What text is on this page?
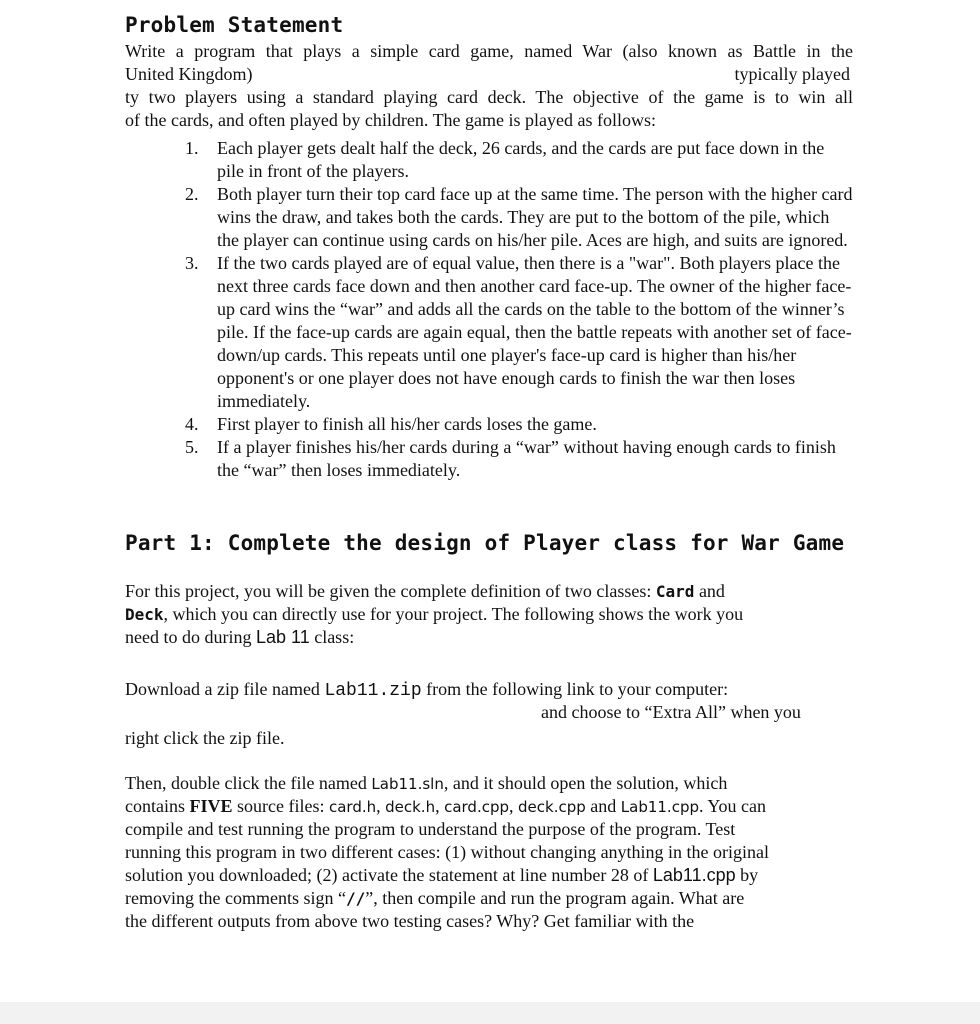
Problem Statement
Write a program that plays a simple card game, named War (also known as Battle in the
United Kingdom)	typically played
ty two players using a standard playing card deck. The objective of the game is to win all
of the cards, and often played by children. The game is played as follows:
1. Each player gets dealt half the deck, 26 cards, and the cards are put face down in the pile in front of the players.
2. Both player turn their top card face up at the same time. The person with the higher card wins the draw, and takes both the cards. They are put to the bottom of the pile, which the player can continue using cards on his/her pile. Aces are high, and suits are ignored.
3. If the two cards played are of equal value, then there is a "war". Both players place the next three cards face down and then another card face-up. The owner of the higher face-up card wins the “war” and adds all the cards on the table to the bottom of the winner’s pile. If the face-up cards are again equal, then the battle repeats with another set of face-down/up cards. This repeats until one player's face-up card is higher than his/her opponent's or one player does not have enough cards to finish the war then loses immediately.
4. First player to finish all his/her cards loses the game.
5. If a player finishes his/her cards during a “war” without having enough cards to finish the “war” then loses immediately.
Part 1: Complete the design of Player class for War Game
For this project, you will be given the complete definition of two classes: Card and
Deck, which you can directly use for your project. The following shows the work you
need to do during Lab 11 class:
Download a zip file named Lab11.zip from the following link to your computer:
and choose to “Extra All” when you
right click the zip file.
Then, double click the file named Lab11.sln, and it should open the solution, which
contains FIVE source files: card.h, deck.h, card.cpp, deck.cpp and Lab11.cpp. You can
compile and test running the program to understand the purpose of the program. Test
running this program in two different cases: (1) without changing anything in the original
solution you downloaded; (2) activate the statement at line number 28 of Lab11.cpp by
removing the comments sign “//”, then compile and run the program again. What are
the different outputs from above two testing cases? Why? Get familiar with the
